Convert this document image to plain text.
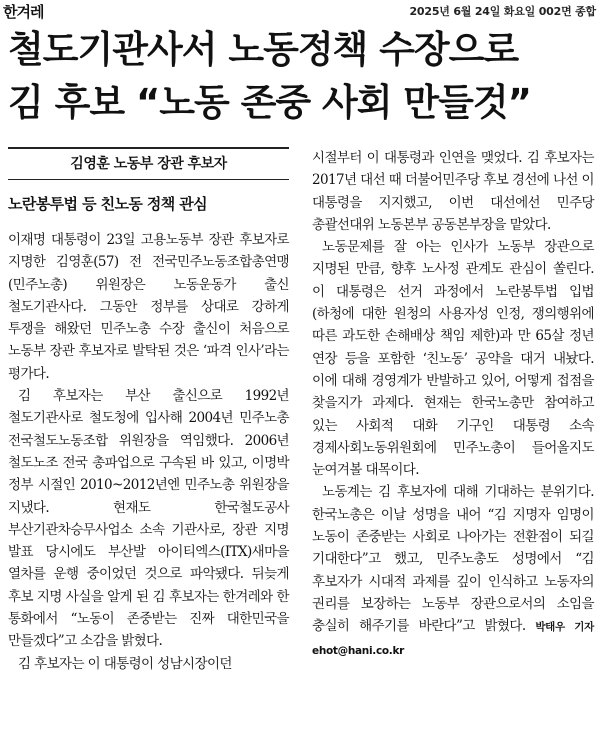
한겨레	2025년 6월 24일 화요일 002면 종합
철도기관사서 노동정책 수장으로
김 후보 “노동 존중 사회 만들것”
김영훈 노동부 장관 후보자
노란봉투법 등 친노동 정책 관심

이재명 대통령이 23일 고용노동부 장관 후보자로 지명한 김영훈(57) 전 전국민주노동조합총연맹(민주노총) 위원장은 노동운동가 출신 철도기관사다. 그동안 정부를 상대로 강하게 투쟁을 해왔던 민주노총 수장 출신이 처음으로 노동부 장관 후보자로 발탁된 것은 ‘파격 인사’라는 평가다.

김 후보자는 부산 출신으로 1992년 철도기관사로 철도청에 입사해 2004년 민주노총 전국철도노동조합 위원장을 역임했다. 2006년 철도노조 전국 총파업으로 구속된 바 있고, 이명박 정부 시절인 2010~2012년엔 민주노총 위원장을 지냈다. 현재도 한국철도공사 부산기관차승무사업소 소속 기관사로, 장관 지명 발표 당시에도 부산발 아이티엑스(ITX)새마을 열차를 운행 중이었던 것으로 파악됐다. 뒤늦게 후보 지명 사실을 알게 된 김 후보자는 한겨레와 한 통화에서 “노동이 존중받는 진짜 대한민국을 만들겠다”고 소감을 밝혔다.

김 후보자는 이 대통령이 성남시장이던

시절부터 이 대통령과 인연을 맺었다. 김 후보자는 2017년 대선 때 더불어민주당 후보 경선에 나선 이 대통령을 지지했고, 이번 대선에선 민주당 총괄선대위 노동본부 공동본부장을 맡았다.

노동문제를 잘 아는 인사가 노동부 장관으로 지명된 만큼, 향후 노사정 관계도 관심이 쏠린다. 이 대통령은 선거 과정에서 노란봉투법 입법(하청에 대한 원청의 사용자성 인정, 쟁의행위에 따른 과도한 손해배상 책임 제한)과 만 65살 정년 연장 등을 포함한 ‘친노동’ 공약을 대거 내놨다. 이에 대해 경영계가 반발하고 있어, 어떻게 접점을 찾을지가 과제다. 현재는 한국노총만 참여하고 있는 사회적 대화 기구인 대통령 소속 경제사회노동위원회에 민주노총이 들어올지도 눈여겨볼 대목이다.

노동계는 김 후보자에 대해 기대하는 분위기다. 한국노총은 이날 성명을 내어 “김 지명자 임명이 노동이 존중받는 사회로 나아가는 전환점이 되길 기대한다”고 했고, 민주노총도 성명에서 “김 후보자가 시대적 과제를 깊이 인식하고 노동자의 권리를 보장하는 노동부 장관으로서의 소임을 충실히 해주기를 바란다”고 밝혔다. 박태우 기자 ehot@hani.co.kr
